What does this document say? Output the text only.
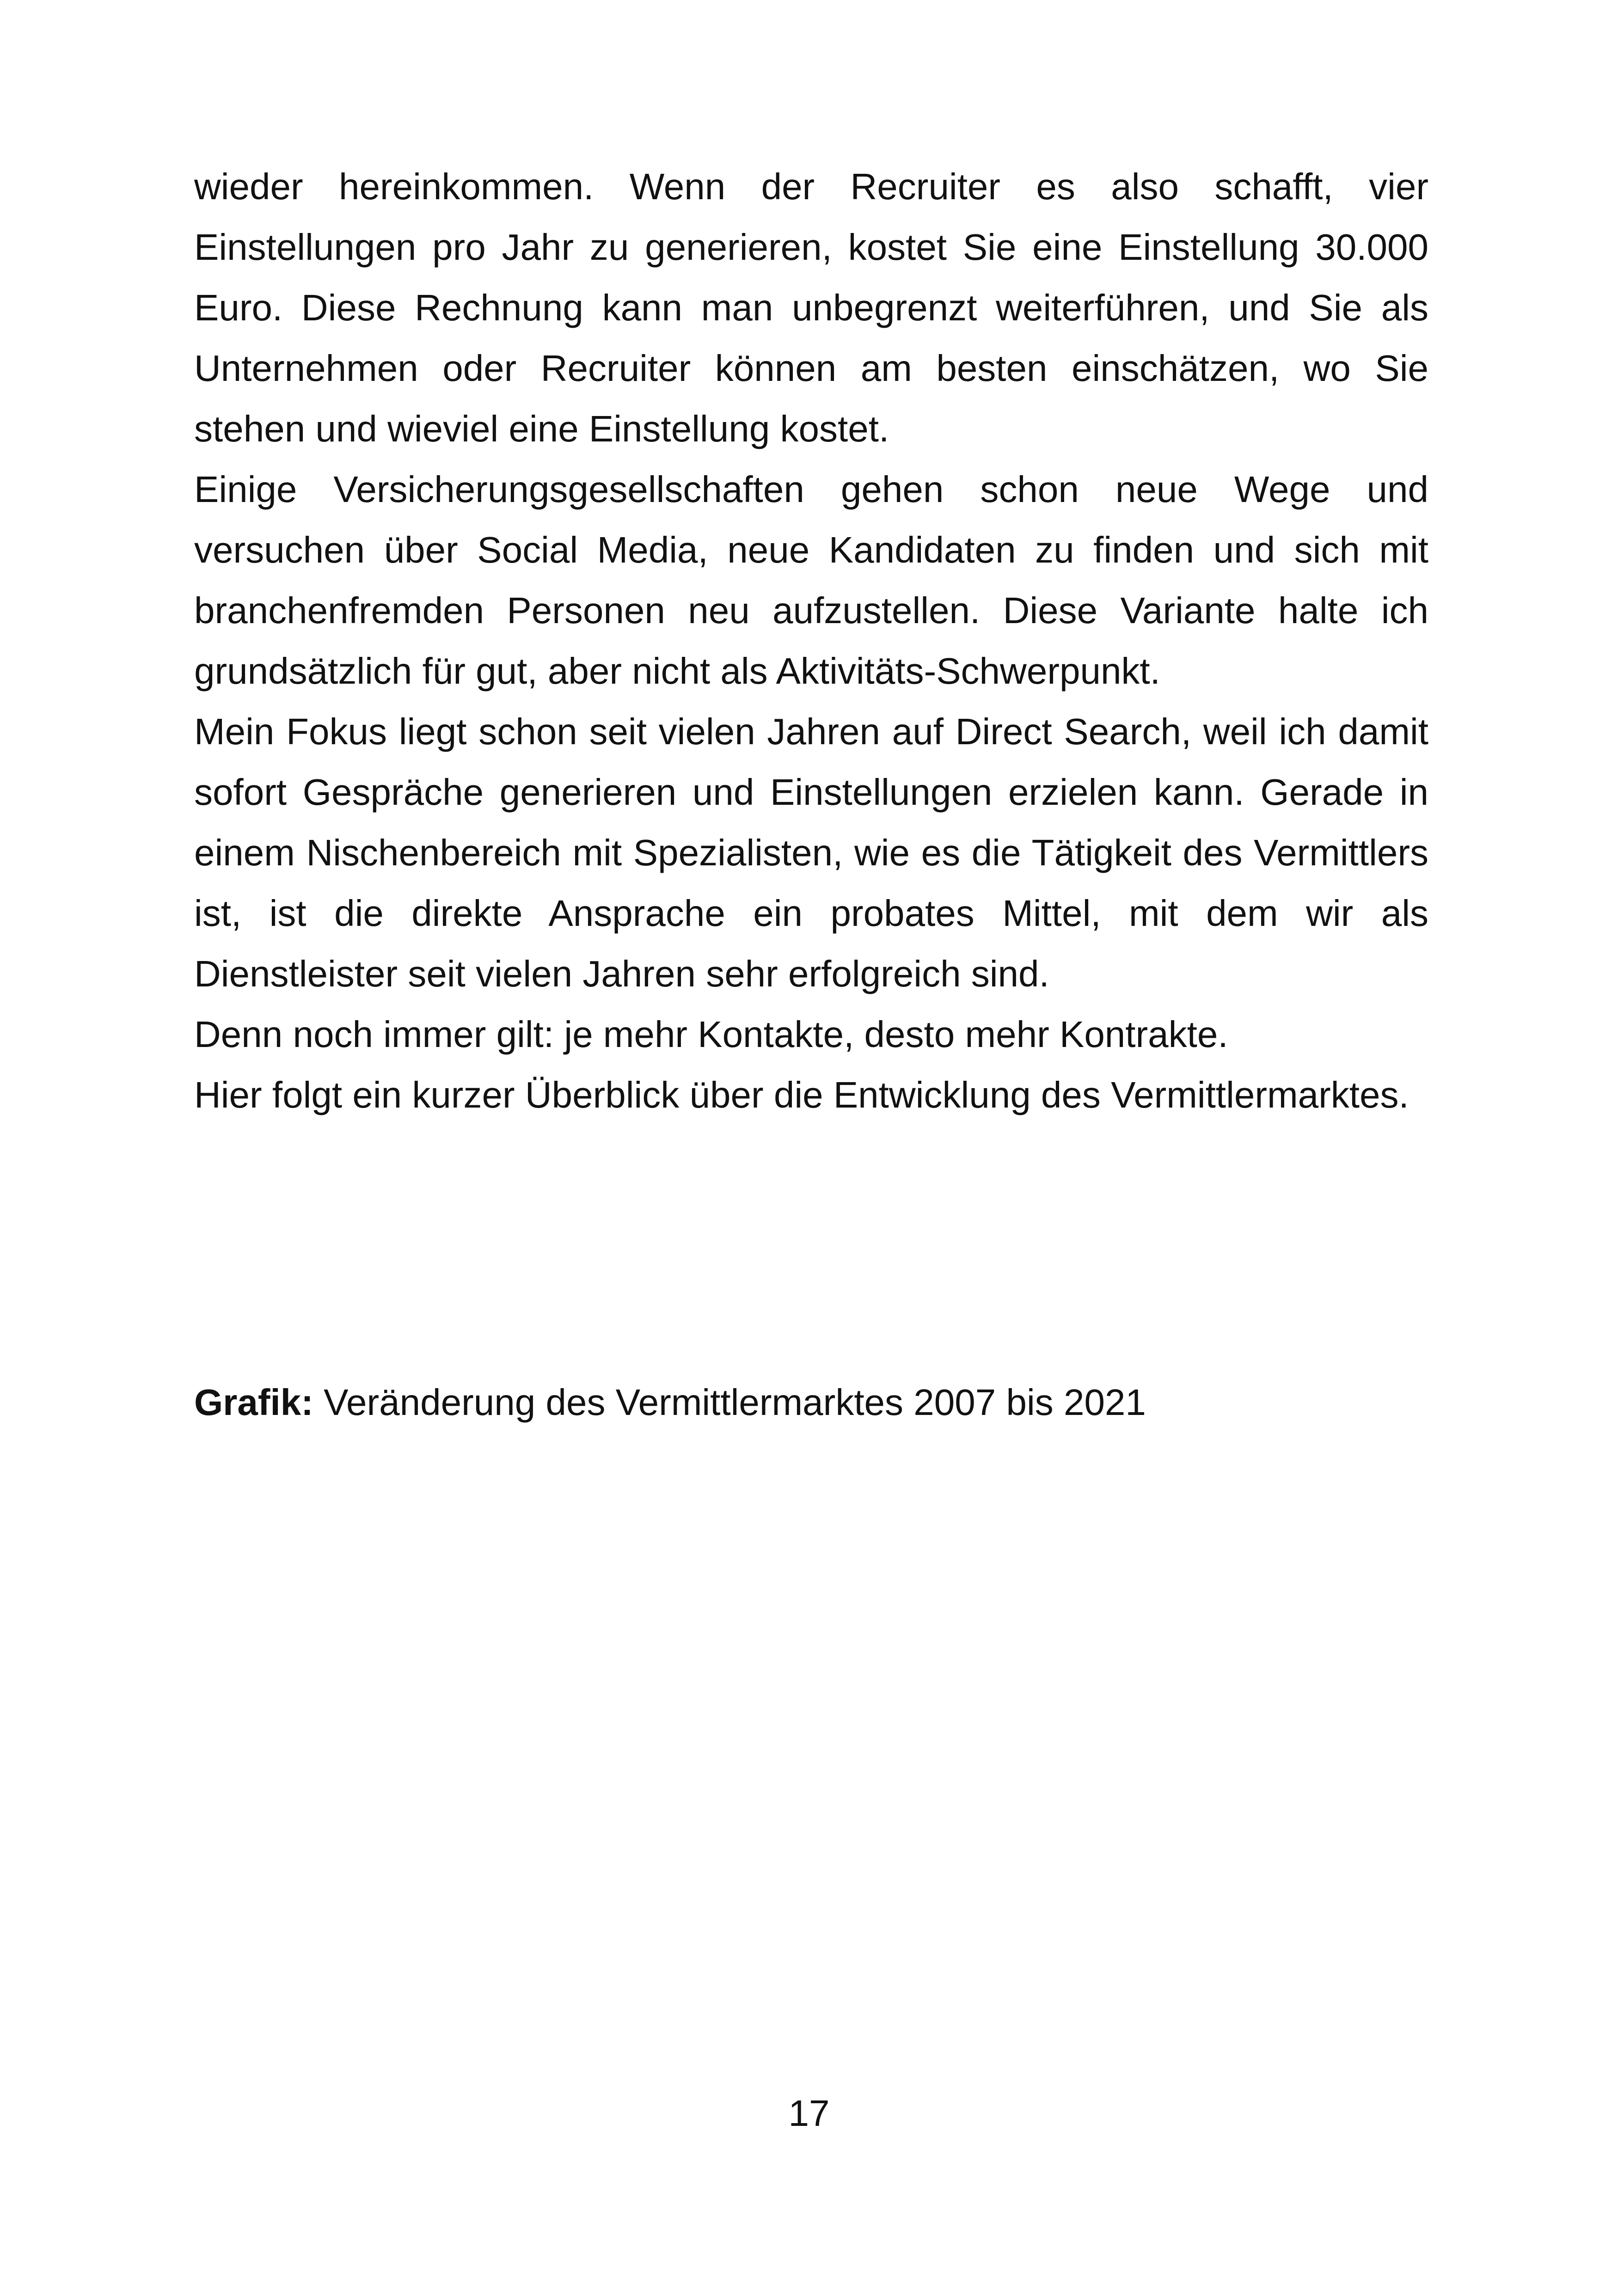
wieder hereinkommen. Wenn der Recruiter es also schafft, vier Einstellungen pro Jahr zu generieren, kostet Sie eine Einstellung 30.000 Euro. Diese Rechnung kann man unbegrenzt weiterführen, und Sie als Unternehmen oder Recruiter können am besten einschätzen, wo Sie stehen und wieviel eine Einstellung kostet.

Einige Versicherungsgesellschaften gehen schon neue Wege und versuchen über Social Media, neue Kandidaten zu finden und sich mit branchenfremden Personen neu aufzustellen. Diese Variante halte ich grundsätzlich für gut, aber nicht als Aktivitäts-Schwerpunkt.

Mein Fokus liegt schon seit vielen Jahren auf Direct Search, weil ich damit sofort Gespräche generieren und Einstellungen erzielen kann. Gerade in einem Nischenbereich mit Spezialisten, wie es die Tätigkeit des Vermittlers ist, ist die direkte Ansprache ein probates Mittel, mit dem wir als Dienstleister seit vielen Jahren sehr erfolgreich sind.

Denn noch immer gilt: je mehr Kontakte, desto mehr Kontrakte.

Hier folgt ein kurzer Überblick über die Entwicklung des Vermittlermarktes.

Grafik: Veränderung des Vermittlermarktes 2007 bis 2021
17
